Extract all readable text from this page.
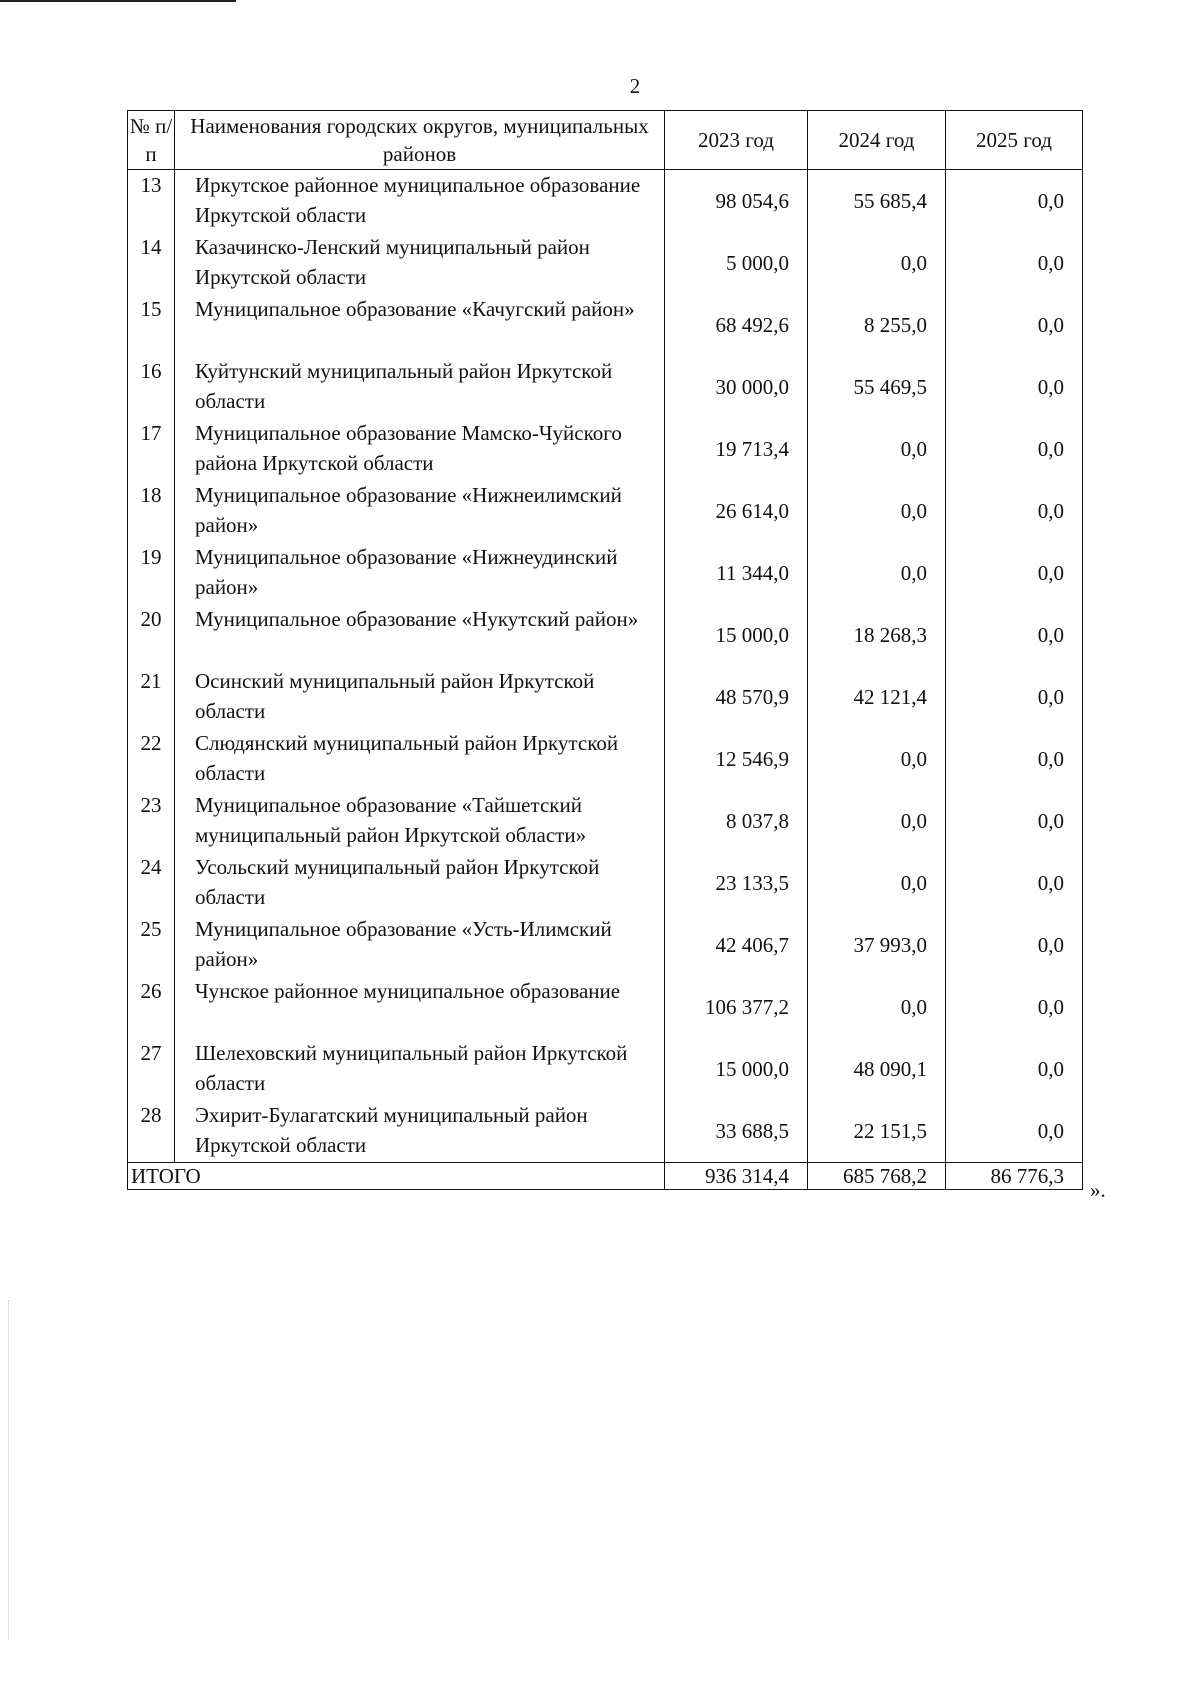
2
№ п/п	Наименования городских округов, муниципальных районов	2023 год	2024 год	2025 год
13	Иркутское районное муниципальное образование Иркутской области	98 054,6	55 685,4	0,0
14	Казачинско-Ленский муниципальный район Иркутской области	5 000,0	0,0	0,0
15	Муниципальное образование «Качугский район»	68 492,6	8 255,0	0,0
16	Куйтунский муниципальный район Иркутской области	30 000,0	55 469,5	0,0
17	Муниципальное образование Мамско-Чуйского района Иркутской области	19 713,4	0,0	0,0
18	Муниципальное образование «Нижнеилимский район»	26 614,0	0,0	0,0
19	Муниципальное образование «Нижнеудинский район»	11 344,0	0,0	0,0
20	Муниципальное образование «Нукутский район»	15 000,0	18 268,3	0,0
21	Осинский муниципальный район Иркутской области	48 570,9	42 121,4	0,0
22	Слюдянский муниципальный район Иркутской области	12 546,9	0,0	0,0
23	Муниципальное образование «Тайшетский муниципальный район Иркутской области»	8 037,8	0,0	0,0
24	Усольский муниципальный район Иркутской области	23 133,5	0,0	0,0
25	Муниципальное образование «Усть-Илимский район»	42 406,7	37 993,0	0,0
26	Чунское районное муниципальное образование	106 377,2	0,0	0,0
27	Шелеховский муниципальный район Иркутской области	15 000,0	48 090,1	0,0
28	Эхирит-Булагатский муниципальный район Иркутской области	33 688,5	22 151,5	0,0
ИТОГО		936 314,4	685 768,2	86 776,3
».
